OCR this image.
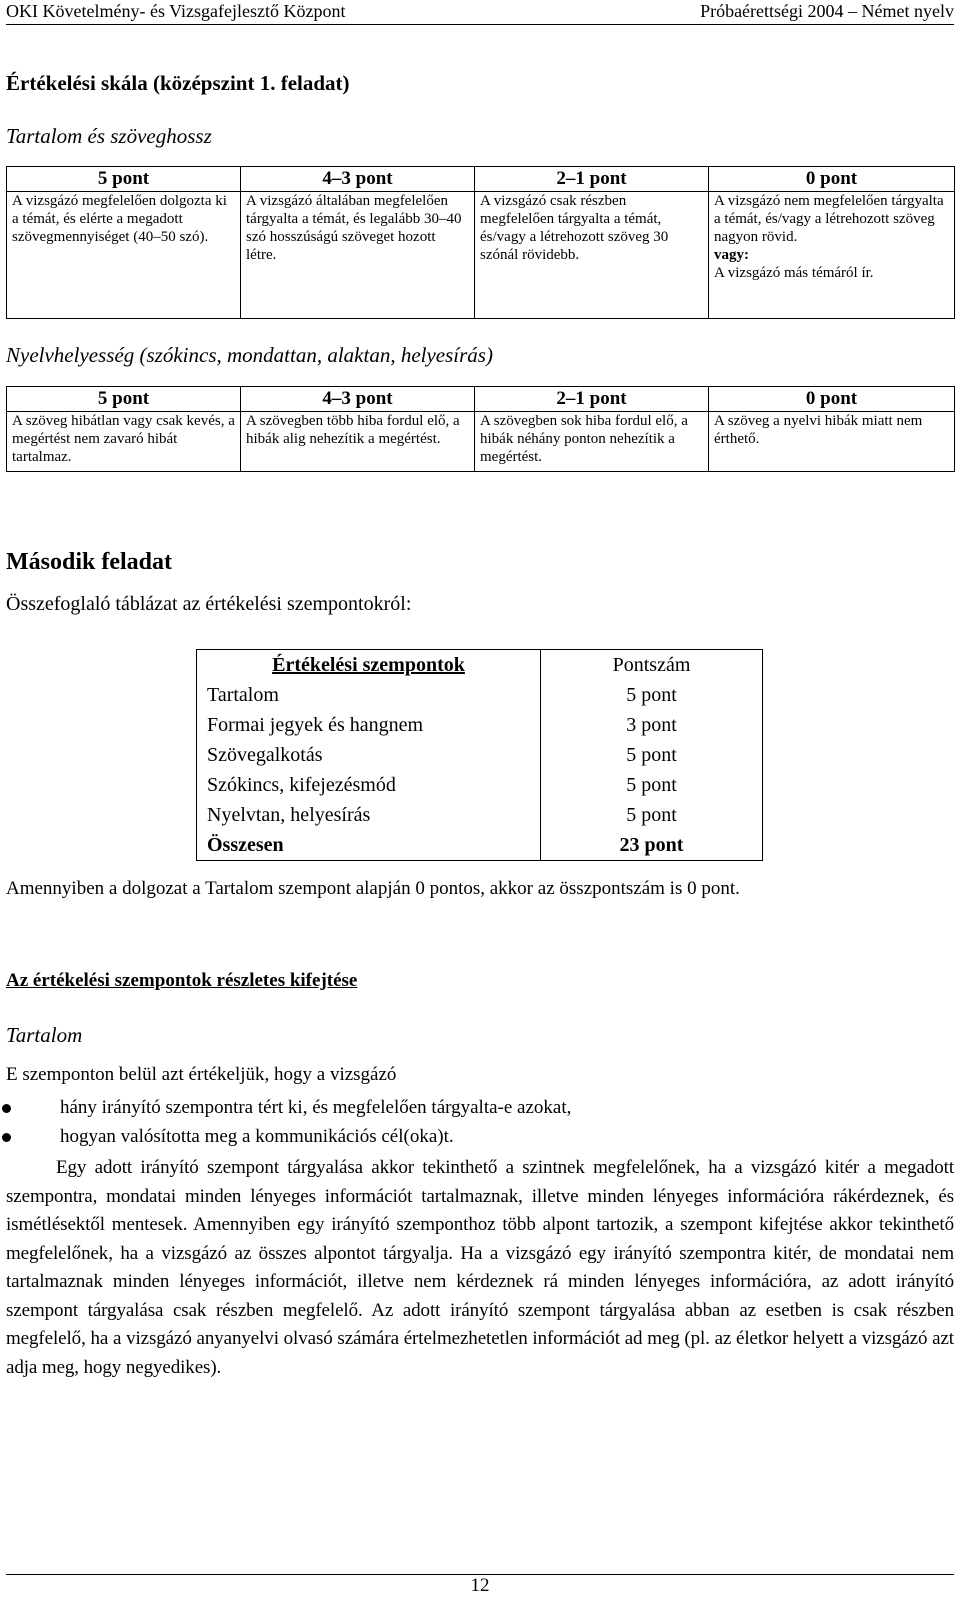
OKI Követelmény- és Vizsgafejlesztő Központ	Próbaérettségi 2004 – Német nyelv
Értékelési skála (középszint 1. feladat)
Tartalom és szöveghossz
5 pont	4–3 pont	2–1 pont	0 pont
A vizsgázó megfelelően dolgozta ki a témát, és elérte a megadott szövegmennyiséget (40–50 szó).	A vizsgázó általában megfelelően tárgyalta a témát, és legalább 30–40 szó hosszúságú szöveget hozott létre.	A vizsgázó csak részben megfelelően tárgyalta a témát, és/vagy a létrehozott szöveg 30 szónál rövidebb.	A vizsgázó nem megfelelően tárgyalta a témát, és/vagy a létrehozott szöveg nagyon rövid.
vagy:
A vizsgázó más témáról ír.
Nyelvhelyesség (szókincs, mondattan, alaktan, helyesírás)
5 pont	4–3 pont	2–1 pont	0 pont
A szöveg hibátlan vagy csak kevés, a megértést nem zavaró hibát tartalmaz.	A szövegben több hiba fordul elő, a hibák alig nehezítik a megértést.	A szövegben sok hiba fordul elő, a hibák néhány ponton nehezítik a megértést.	A szöveg a nyelvi hibák miatt nem érthető.
Második feladat
Összefoglaló táblázat az értékelési szempontokról:
Értékelési szempontok	Pontszám
Tartalom	5 pont
Formai jegyek és hangnem	3 pont
Szövegalkotás	5 pont
Szókincs, kifejezésmód	5 pont
Nyelvtan, helyesírás	5 pont
Összesen	23 pont
Amennyiben a dolgozat a Tartalom szempont alapján 0 pontos, akkor az összpontszám is 0 pont.
Az értékelési szempontok részletes kifejtése
Tartalom
E szemponton belül azt értékeljük, hogy a vizsgázó
hány irányító szempontra tért ki, és megfelelően tárgyalta-e azokat,
hogyan valósította meg a kommunikációs cél(oka)t.
Egy adott irányító szempont tárgyalása akkor tekinthető a szintnek megfelelőnek, ha a vizsgázó kitér a megadott szempontra, mondatai minden lényeges információt tartalmaznak, illetve minden lényeges információra rákérdeznek, és ismétlésektől mentesek. Amennyiben egy irányító szemponthoz több alpont tartozik, a szempont kifejtése akkor tekinthető megfelelőnek, ha a vizsgázó az összes alpontot tárgyalja. Ha a vizsgázó egy irányító szempontra kitér, de mondatai nem tartalmaznak minden lényeges információt, illetve nem kérdeznek rá minden lényeges információra, az adott irányító szempont tárgyalása csak részben megfelelő. Az adott irányító szempont tárgyalása abban az esetben is csak részben megfelelő, ha a vizsgázó anyanyelvi olvasó számára értelmezhetetlen információt ad meg (pl. az életkor helyett a vizsgázó azt adja meg, hogy negyedikes).
12
